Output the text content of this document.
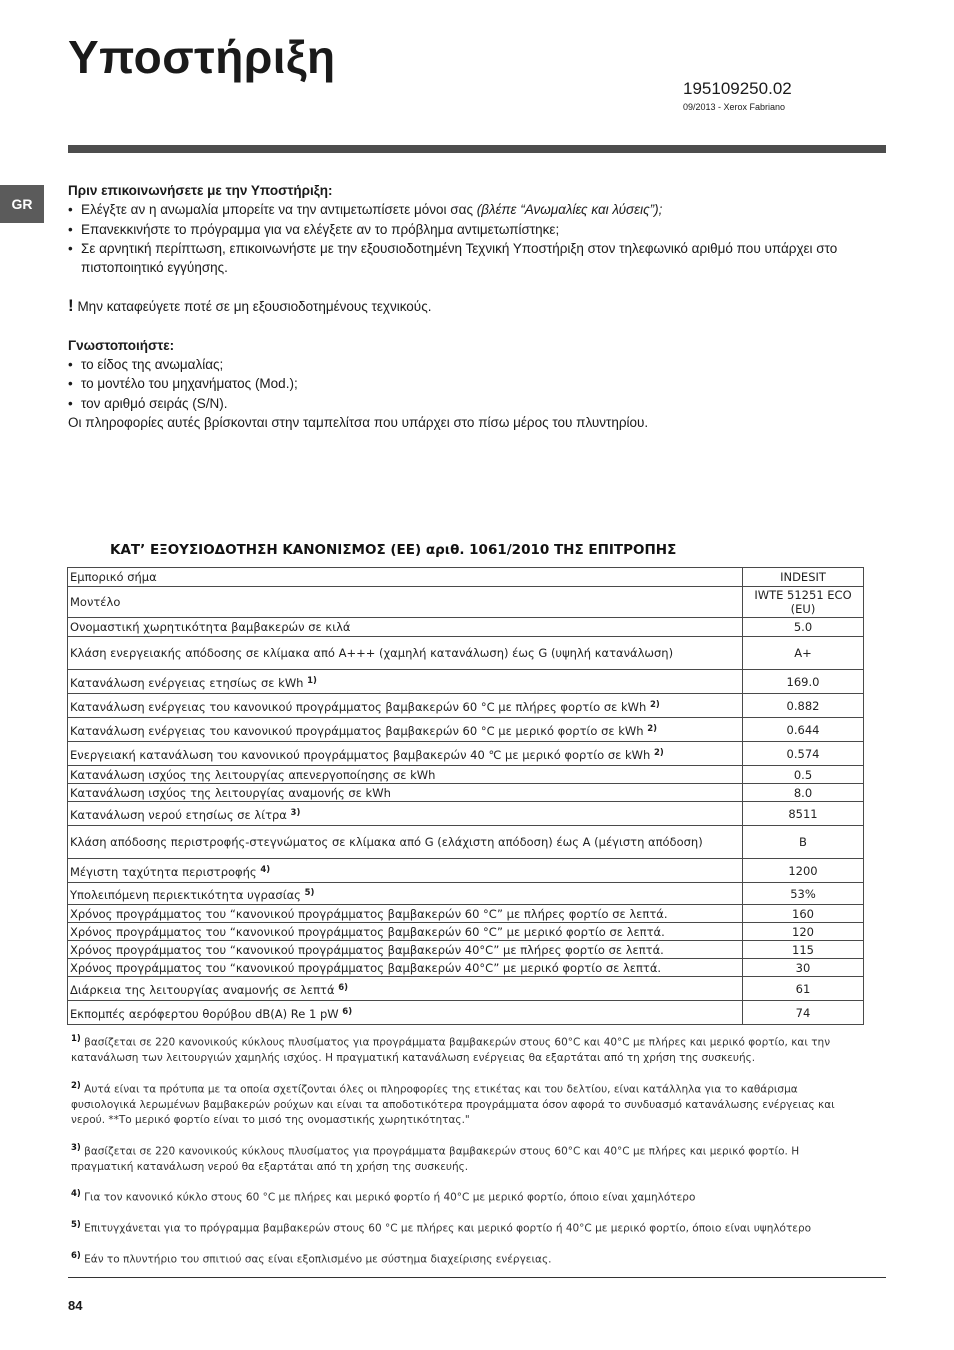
Υποστήριξη
195109250.02
09/2013 - Xerox Fabriano
GR

Πριν επικοινωνήσετε με την Υποστήριξη:

• Ελέγξτε αν η ανωμαλία μπορείτε να την αντιμετωπίσετε μόνοι σας (βλέπε “Ανωμαλίες και λύσεις”);
• Επανεκκινήστε το πρόγραμμα για να ελέγξετε αν το πρόβλημα αντιμετωπίστηκε;
• Σε αρνητική περίπτωση, επικοινωνήστε με την εξουσιοδοτημένη Τεχνική Υποστήριξη στον τηλεφωνικό αριθμό που υπάρχει στο πιστοποιητικό εγγύησης.

! Μην καταφεύγετε ποτέ σε μη εξουσιοδοτημένους τεχνικούς.

Γνωστοποιήστε:

• το είδος της ανωμαλίας;
• το μοντέλο του μηχανήματος (Mod.);
• τον αριθμό σειράς (S/N).

Οι πληροφορίες αυτές βρίσκονται στην ταμπελίτσα που υπάρχει στο πίσω μέρος του πλυντηρίου.

ΚΑΤ’ ΕΞΟΥΣΙΟΔΟΤΗΣΗ ΚΑΝΟΝΙΣΜΟΣ (ΕΕ) αριθ. 1061/2010 ΤΗΣ ΕΠΙΤΡΟΠΗΣ
Εμπορικό σήμα	INDESIT
Μοντέλο	IWTE 51251 ECO (EU)
Ονομαστική χωρητικότητα βαμβακερών σε κιλά	5.0
Κλάση ενεργειακής απόδοσης σε κλίμακα από A+++ (χαμηλή κατανάλωση) έως G (υψηλή κατανάλωση)	A+
Κατανάλωση ενέργειας ετησίως σε kWh $^{1)}$	169.0
Κατανάλωση ενέργειας του κανονικού προγράμματος βαμβακερών 60 °C με πλήρες φορτίο σε kWh $^{2)}$	0.882
Κατανάλωση ενέργειας του κανονικού προγράμματος βαμβακερών 60 °C με μερικό φορτίο σε kWh $^{2)}$	0.644
Ενεργειακή κατανάλωση του κανονικού προγράμματος βαμβακερών 40 ℃ με μερικό φορτίο σε kWh $^{2)}$	0.574
Κατανάλωση ισχύος της λειτουργίας απενεργοποίησης σε kWh	0.5
Κατανάλωση ισχύος της λειτουργίας αναμονής σε kWh	8.0
Κατανάλωση νερού ετησίως σε λίτρα $^{3)}$	8511
Κλάση απόδοσης περιστροφής-στεγνώματος σε κλίμακα από G (ελάχιστη απόδοση) έως A (μέγιστη απόδοση)	B
Μέγιστη ταχύτητα περιστροφής $^{4)}$	1200
Υπολειπόμενη περιεκτικότητα υγρασίας $^{5)}$	53%
Χρόνος προγράμματος του “κανονικού προγράμματος βαμβακερών 60 °C” με πλήρες φορτίο σε λεπτά.	160
Χρόνος προγράμματος του “κανονικού προγράμματος βαμβακερών 60 °C” με μερικό φορτίο σε λεπτά.	120
Χρόνος προγράμματος του “κανονικού προγράμματος βαμβακερών 40°C” με πλήρες φορτίο σε λεπτά.	115
Χρόνος προγράμματος του “κανονικού προγράμματος βαμβακερών 40°C” με μερικό φορτίο σε λεπτά.	30
Διάρκεια της λειτουργίας αναμονής σε λεπτά $^{6)}$	61
Εκπομπές αερόφερτου θορύβου dB(A) Re 1 pW $^{6)}$	74
$^{1)}$ βασίζεται σε 220 κανονικούς κύκλους πλυσίματος για προγράμματα βαμβακερών στους 60°C και 40°C με πλήρες και μερικό φορτίο, και την κατανάλωση των λειτουργιών χαμηλής ισχύος. Η πραγματική κατανάλωση ενέργειας θα εξαρτάται από τη χρήση της συσκευής.
$^{2)}$ Αυτά είναι τα πρότυπα με τα οποία σχετίζονται όλες οι πληροφορίες της ετικέτας και του δελτίου, είναι κατάλληλα για το καθάρισμα φυσιολογικά λερωμένων βαμβακερών ρούχων και είναι τα αποδοτικότερα προγράμματα όσον αφορά το συνδυασμό κατανάλωσης ενέργειας και νερού. **Το μερικό φορτίο είναι το μισό της ονομαστικής χωρητικότητας."
$^{3)}$ βασίζεται σε 220 κανονικούς κύκλους πλυσίματος για προγράμματα βαμβακερών στους 60°C και 40°C με πλήρες και μερικό φορτίο. Η πραγματική κατανάλωση νερού θα εξαρτάται από τη χρήση της συσκευής.
$^{4)}$ Για τον κανονικό κύκλο στους 60 °C με πλήρες και μερικό φορτίο ή 40°C με μερικό φορτίο, όποιο είναι χαμηλότερο
$^{5)}$ Επιτυγχάνεται για το πρόγραμμα βαμβακερών στους 60 °C με πλήρες και μερικό φορτίο ή 40°C με μερικό φορτίο, όποιο είναι υψηλότερο
$^{6)}$ Εάν το πλυντήριο του σπιτιού σας είναι εξοπλισμένο με σύστημα διαχείρισης ενέργειας.
84
